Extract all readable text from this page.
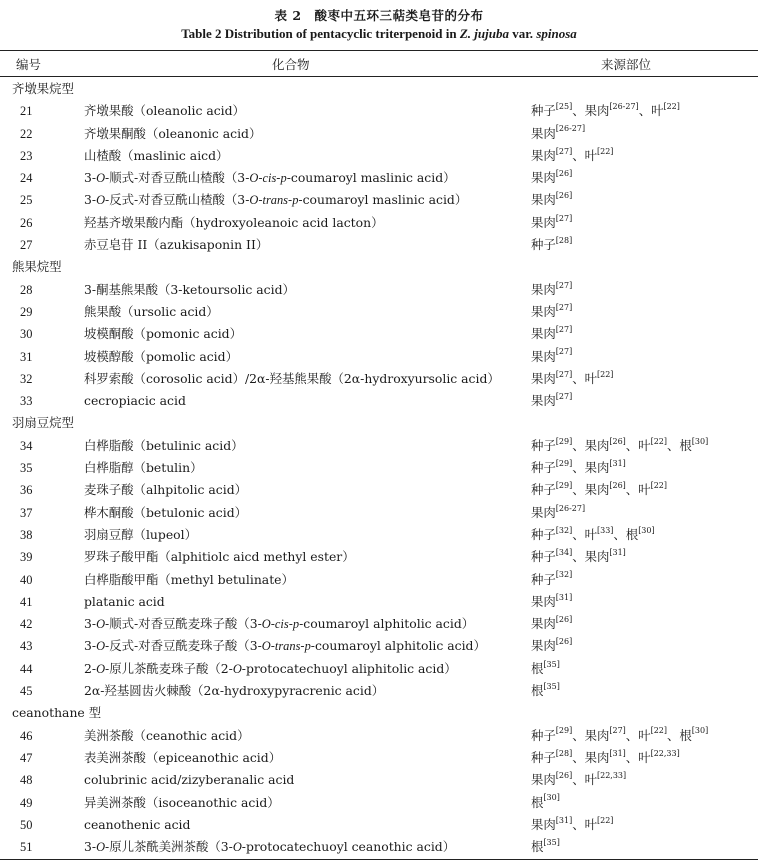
表 2　酸枣中五环三萜类皂苷的分布
Table 2 Distribution of pentacyclic triterpenoid in Z. jujuba var. spinosa
编号	化合物	来源部位
齐墩果烷型
21	齐墩果酸（oleanolic acid）	种子[25]、果肉[26-27]、叶[22]
22	齐墩果酮酸（oleanonic acid）	果肉[26-27]
23	山楂酸（maslinic aicd）	果肉[27]、叶[22]
24	3-O-顺式-对香豆酰山楂酸（3-O-cis-p-coumaroyl maslinic acid）	果肉[26]
25	3-O-反式-对香豆酰山楂酸（3-O-trans-p-coumaroyl maslinic acid）	果肉[26]
26	羟基齐墩果酸内酯（hydroxyoleanoic acid lacton）	果肉[27]
27	赤豆皂苷 II（azukisaponin II）	种子[28]
熊果烷型
28	3-酮基熊果酸（3-ketoursolic acid）	果肉[27]
29	熊果酸（ursolic acid）	果肉[27]
30	坡模酮酸（pomonic acid）	果肉[27]
31	坡模醇酸（pomolic acid）	果肉[27]
32	科罗索酸（corosolic acid）/2α-羟基熊果酸（2α-hydroxyursolic acid）	果肉[27]、叶[22]
33	cecropiacic acid	果肉[27]
羽扇豆烷型
34	白桦脂酸（betulinic acid）	种子[29]、果肉[26]、叶[22]、根[30]
35	白桦脂醇（betulin）	种子[29]、果肉[31]
36	麦珠子酸（alhpitolic acid）	种子[29]、果肉[26]、叶[22]
37	桦木酮酸（betulonic acid）	果肉[26-27]
38	羽扇豆醇（lupeol）	种子[32]、叶[33]、根[30]
39	罗珠子酸甲酯（alphitiolc aicd methyl ester）	种子[34]、果肉[31]
40	白桦脂酸甲酯（methyl betulinate）	种子[32]
41	platanic acid	果肉[31]
42	3-O-顺式-对香豆酰麦珠子酸（3-O-cis-p-coumaroyl alphitolic acid）	果肉[26]
43	3-O-反式-对香豆酰麦珠子酸（3-O-trans-p-coumaroyl alphitolic acid）	果肉[26]
44	2-O-原儿茶酰麦珠子酸（2-O-protocatechuoyl aliphitolic acid）	根[35]
45	2α-羟基圆齿火棘酸（2α-hydroxypyracrenic acid）	根[35]
ceanothane 型
46	美洲茶酸（ceanothic acid）	种子[29]、果肉[27]、叶[22]、根[30]
47	表美洲茶酸（epiceanothic acid）	种子[28]、果肉[31]、叶[22,33]
48	colubrinic acid/zizyberanalic acid	果肉[26]、叶[22,33]
49	异美洲茶酸（isoceanothic acid）	根[30]
50	ceanothenic acid	果肉[31]、叶[22]
51	3-O-原儿茶酰美洲茶酸（3-O-protocatechuoyl ceanothic acid）	根[35]
